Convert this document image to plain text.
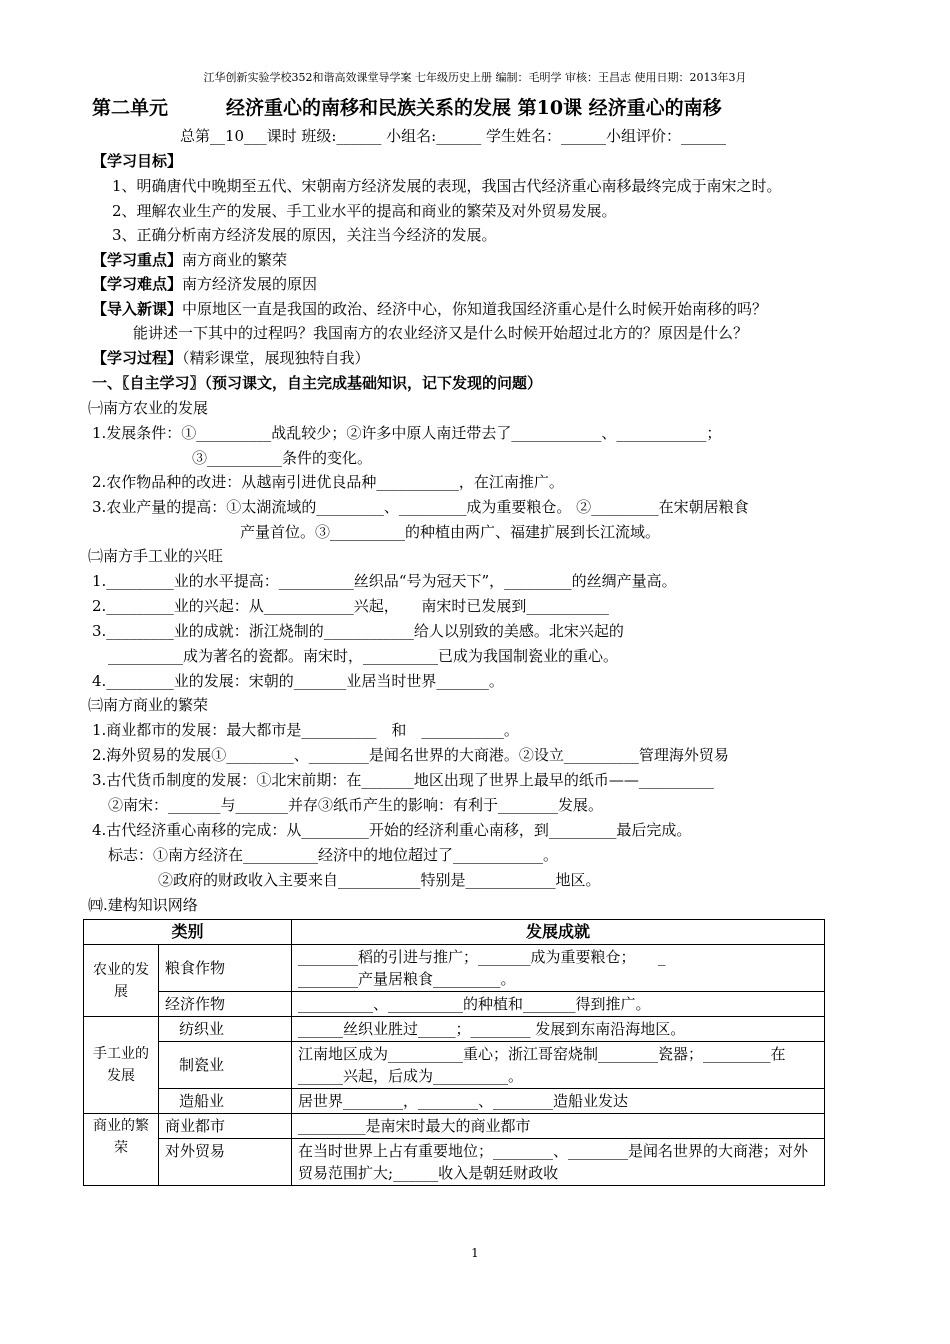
江华创新实验学校352和谐高效课堂导学案 七年级历史上册 编制：毛明学 审核：王昌志 使用日期：2013年3月
第二单元	经济重心的南移和民族关系的发展 第10课 经济重心的南移
总第__10___课时 班级:______ 小组名:______ 学生姓名：______小组评价：______
【学习目标】
1、明确唐代中晚期至五代、宋朝南方经济发展的表现，我国古代经济重心南移最终完成于南宋之时。
2、理解农业生产的发展、手工业水平的提高和商业的繁荣及对外贸易发展。
3、正确分析南方经济发展的原因，关注当今经济的发展。
【学习重点】南方商业的繁荣
【学习难点】南方经济发展的原因
【导入新课】中原地区一直是我国的政治、经济中心，你知道我国经济重心是什么时候开始南移的吗？
能讲述一下其中的过程吗？我国南方的农业经济又是什么时候开始超过北方的？原因是什么？
【学习过程】（精彩课堂，展现独特自我）
一、〖自主学习〗（预习课文，自主完成基础知识，记下发现的问题）
㈠南方农业的发展
1.发展条件：①__________战乱较少；②许多中原人南迁带去了____________、____________；
③__________条件的变化。
2.农作物品种的改进：从越南引进优良品种___________，在江南推广。
3.农业产量的提高：①太湖流域的_________、_________成为重要粮仓。 ②_________在宋朝居粮食
产量首位。③__________的种植由两广、福建扩展到长江流域。
㈡南方手工业的兴旺
1._________业的水平提高：__________丝织品“号为冠天下”，_________的丝绸产量高。
2._________业的兴起：从____________兴起，　　南宋时已发展到___________
3._________业的成就：浙江烧制的____________给人以别致的美感。北宋兴起的
__________成为著名的瓷都。南宋时，__________已成为我国制瓷业的重心。
4._________业的发展：宋朝的_______业居当时世界_______。
㈢南方商业的繁荣
1.商业都市的发展：最大都市是__________　和　___________。
2.海外贸易的发展①_________、________是闻名世界的大商港。②设立__________管理海外贸易
3.古代货币制度的发展：①北宋前期：在_______地区出现了世界上最早的纸币——__________
②南宋：_______与_______并存③纸币产生的影响：有利于________发展。
4.古代经济重心南移的完成：从_________开始的经济利重心南移，到_________最后完成。
标志：①南方经济在__________经济中的地位超过了____________。
②政府的财政收入主要来自___________特别是____________地区。
㈣.建构知识网络
类别		发展成就
农业的发展	粮食作物	________稻的引进与推广；_______成为重要粮仓；　　_
________产量居粮食_________。
	经济作物	__________、__________的种植和_______得到推广。
手工业的发展	纺织业	______丝织业胜过_____；________ 发展到东南沿海地区。
	制瓷业	江南地区成为__________重心；浙江哥窑烧制________瓷器；_________在 ______兴起，后成为__________。
	造船业	居世界________，________、________造船业发达
商业的繁荣	商业都市	_________是南宋时最大的商业都市
	对外贸易	在当时世界上占有重要地位；________、________是闻名世界的大商港；对外贸易范围扩大;______收入是朝廷财政收
1
